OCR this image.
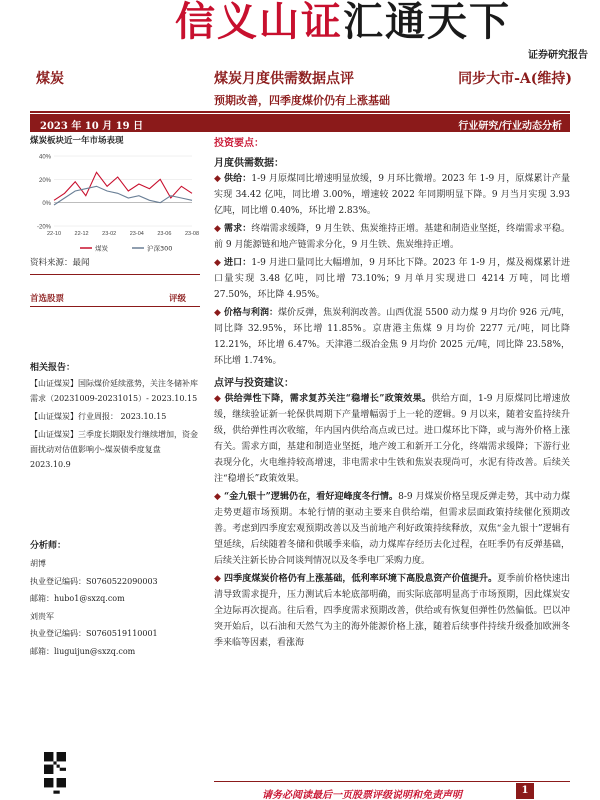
信义山证汇通天下
证券研究报告
煤炭	煤炭月度供需数据点评	同步大市-A(维持)
预期改善，四季度煤价仍有上涨基础
2023 年 10 月 19 日	行业研究/行业动态分析
煤炭板块近一年市场表现
40%
20%
0%
-20%
22-10 22-12 23-02 23-04 23-06 23-08
煤炭	沪深300
资料来源：最闻
首选股票	评级
相关报告：

【山证煤炭】国际煤价延续涨势，关注冬储补库需求（20231009-20231015）- 2023.10.15

【山证煤炭】行业周报： 2023.10.15

【山证煤炭】三季度长期限发行继续增加，资金面扰动对估值影响小-煤炭债季度复盘 2023.10.9

分析师：
胡博
执业登记编码：S0760522090003
邮箱：hubo1@sxzq.com
刘贵军
执业登记编码：S0760519110001
邮箱：liuguijun@sxzq.com
投资要点：
月度供需数据：
◆ 供给：1-9 月原煤同比增速明显放缓，9 月环比微增。2023 年 1-9 月，原煤累计产量实现 34.42 亿吨，同比增 3.00%，增速较 2022 年同期明显下降。9 月当月实现 3.93 亿吨，同比增 0.40%，环比增 2.83%。
◆ 需求：终端需求缓降，9 月生铁、焦炭维持正增。基建和制造业坚挺，终端需求平稳。前 9 月能源链和地产链需求分化，9 月生铁、焦炭维持正增。
◆ 进口：1-9 月进口量同比大幅增加，9 月环比下降。2023 年 1-9 月，煤及褐煤累计进口量实现 3.48 亿吨，同比增 73.10%；9 月单月实现进口 4214 万吨，同比增 27.50%，环比降 4.95%。
◆ 价格与利润：煤价反弹，焦炭利润改善。山西优混 5500 动力煤 9 月均价 926 元/吨，同比降 32.95%，环比增 11.85%。京唐港主焦煤 9 月均价 2277 元/吨，同比降 12.21%，环比增 6.47%。天津港二级冶金焦 9 月均价 2025 元/吨，同比降 23.58%，环比增 1.74%。
点评与投资建议：
◆ 供给弹性下降，需求复苏关注“稳增长”政策效果。供给方面，1-9 月原煤同比增速放缓，继续验证新一轮保供周期下产量增幅弱于上一轮的逻辑。9 月以来，随着安监持续升级，供给弹性再次收缩，年内国内供给高点或已过。进口煤环比下降，或与海外价格上涨有关。需求方面，基建和制造业坚挺，地产竣工和新开工分化，终端需求缓降；下游行业表现分化，火电维持较高增速，非电需求中生铁和焦炭表现尚可，水泥有待改善。后续关注“稳增长”政策效果。
◆ “金九银十”逻辑仍在，看好迎峰度冬行情。8-9 月煤炭价格呈现反弹走势，其中动力煤走势更超市场预期。本轮行情的驱动主要来自供给端，但需求层面政策持续催化预期改善。考虑到四季度宏观预期改善以及当前地产利好政策持续释放，双焦“金九银十”逻辑有望延续，后续随着冬储和供暖季来临，动力煤库存经历去化过程，在旺季仍有反弹基础，后续关注新长协合同谈判情况以及冬季电厂采购力度。
◆ 四季度煤炭价格仍有上涨基础，低利率环境下高股息资产价值提升。夏季前价格快速出清导致需求提升，压力测试后本轮底部明确，而实际底部明显高于市场预期，因此煤炭安全边际再次提高。往后看，四季度需求预期改善，供给或有恢复但弹性仍然偏低。巴以冲突开始后，以石油和天然气为主的海外能源价格上涨，随着后续事件持续升级叠加欧洲冬季来临等因素，看涨海
请务必阅读最后一页股票评级说明和免责声明	1
